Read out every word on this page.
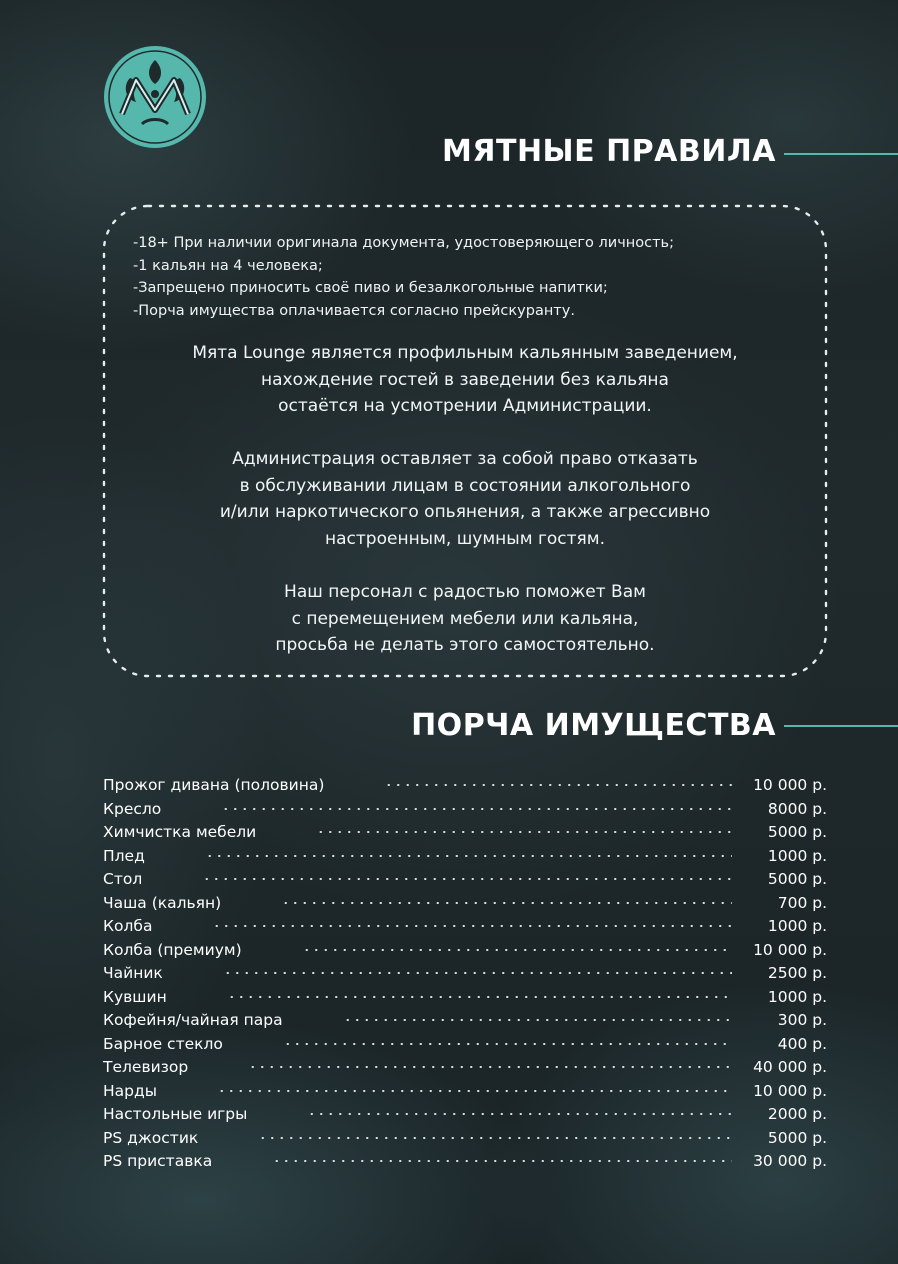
МЯТНЫЕ ПРАВИЛА
-18+ При наличии оригинала документа, удостоверяющего личность;
-1 кальян на 4 человека;
-Запрещено приносить своё пиво и безалкогольные напитки;
-Порча имущества оплачивается согласно прейскуранту.

Мята Lounge является профильным кальянным заведением,
нахождение гостей в заведении без кальяна
остаётся на усмотрении Администрации.

Администрация оставляет за собой право отказать
в обслуживании лицам в состоянии алкогольного
и/или наркотического опьянения, а также агрессивно
настроенным, шумным гостям.

Наш персонал с радостью поможет Вам
с перемещением мебели или кальяна,
просьба не делать этого самостоятельно.

ПОРЧА ИМУЩЕСТВА
Прожог дивана (половина)	10 000 р.
Кресло	8000 р.
Химчистка мебели	5000 р.
Плед	1000 р.
Стол	5000 р.
Чаша (кальян)	700 р.
Колба	1000 р.
Колба (премиум)	10 000 р.
Чайник	2500 р.
Кувшин	1000 р.
Кофейня/чайная пара	300 р.
Барное стекло	400 р.
Телевизор	40 000 р.
Нарды	10 000 р.
Настольные игры	2000 р.
PS джостик	5000 р.
PS приставка	30 000 р.
